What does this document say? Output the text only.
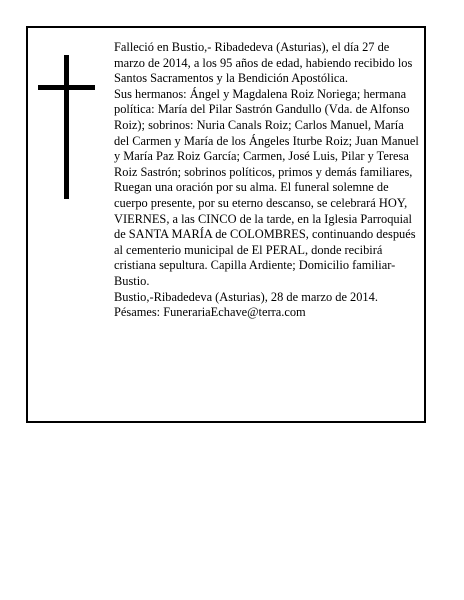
Falleció en Bustio,- Ribadedeva (Asturias), el día 27 de marzo de 2014, a los 95 años de edad, habiendo recibido los Santos Sacramentos y la Bendición Apostólica.

Sus hermanos: Ángel y Magdalena Roiz Noriega; hermana política: María del Pilar Sastrón Gandullo (Vda. de Alfonso Roiz); sobrinos: Nuria Canals Roiz; Carlos Manuel, María del Carmen y María de los Ángeles Iturbe Roiz; Juan Manuel y María Paz Roiz García; Carmen, José Luis, Pilar y Teresa Roiz Sastrón; sobrinos políticos, primos y demás familiares,

Ruegan una oración por su alma. El funeral solemne de cuerpo presente, por su eterno descanso, se celebrará HOY, VIERNES, a las CINCO de la tarde, en la Iglesia Parroquial de SANTA MARÍA de COLOMBRES, continuando después al cementerio municipal de El PERAL, donde recibirá cristiana sepultura. Capilla Ardiente; Domicilio familiar-Bustio.

Bustio,-Ribadedeva (Asturias), 28 de marzo de 2014.

Pésames: FunerariaEchave@terra.com
